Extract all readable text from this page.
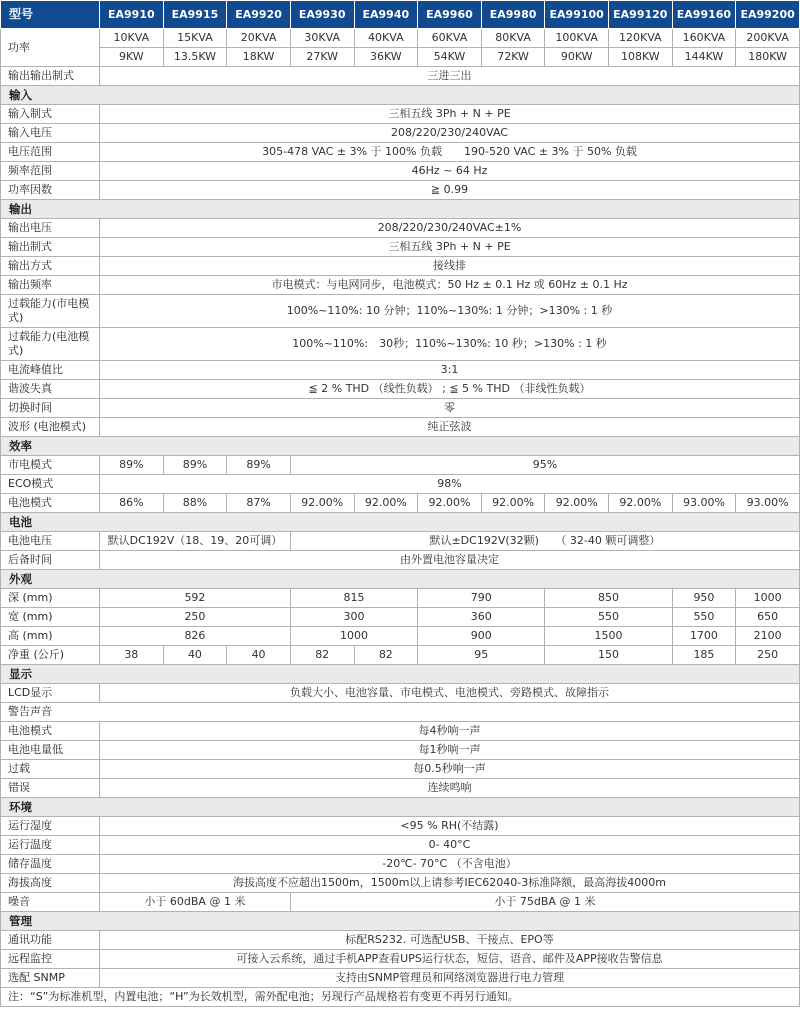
型号	EA9910	EA9915	EA9920	EA9930	EA9940	EA9960	EA9980	EA99100	EA99120	EA99160	EA99200
功率	10KVA	15KVA	20KVA	30KVA	40KVA	60KVA	80KVA	100KVA	120KVA	160KVA	200KVA
	9KW	13.5KW	18KW	27KW	36KW	54KW	72KW	90KW	108KW	144KW	180KW
输出输出制式	三进三出										
输入											
输入制式	三相五线 3Ph + N + PE										
输入电压	208/220/230/240VAC										
电压范围	305-478 VAC ± 3% 于 100% 负载　　190-520 VAC ± 3% 于 50% 负载										
频率范围	46Hz ~ 64 Hz										
功率因数	≧ 0.99										
输出											
输出电压	208/220/230/240VAC±1%										
输出制式	三相五线 3Ph + N + PE										
输出方式	接线排										
输出频率	市电模式：与电网同步，电池模式：50 Hz ± 0.1 Hz 或 60Hz ± 0.1 Hz										
过载能力(市电模式)	100%~110%: 10 分钟；110%~130%: 1 分钟；>130% : 1 秒										
过载能力(电池模式)	100%~110%:　30秒；110%~130%: 10 秒；>130% : 1 秒										
电流峰值比	3:1										
谐波失真	≦ 2 % THD （线性负载） ; ≦ 5 % THD （非线性负载）										
切换时间	零										
波形 (电池模式)	纯正弦波										
效率											
市电模式	89%	89%	89%	95%							
ECO模式	98%										
电池模式	86%	88%	87%	92.00%	92.00%	92.00%	92.00%	92.00%	92.00%	93.00%	93.00%
电池											
电池电压	默认DC192V（18、19、20可调）			默认±DC192V(32颗)　　（ 32-40 颗可调整）							
后备时间	由外置电池容量决定										
外观											
深 (mm)	592			815		790		850		950	1000
宽 (mm)	250			300		360		550		550	650
高 (mm)	826			1000		900		1500		1700	2100
净重 (公斤)	38	40	40	82	82	95		150		185	250
显示											
LCD显示	负载大小、电池容量、市电模式、电池模式、旁路模式、故障指示										
警告声音											
电池模式	每4秒响一声										
电池电量低	每1秒响一声										
过载	每0.5秒响一声										
错误	连续鸣响										
环境											
运行湿度	<95 % RH(不结露)										
运行温度	0- 40°C										
储存温度	-20℃- 70°C （不含电池）										
海拔高度	海拔高度不应超出1500m，1500m以上请参考IEC62040-3标准降额，最高海拔4000m										
噪音	小于 60dBA @ 1 米			小于 75dBA @ 1 米							
管理											
通讯功能	标配RS232. 可选配USB、干接点、EPO等										
远程监控	可接入云系统，通过手机APP查看UPS运行状态，短信、语音、邮件及APP接收告警信息										
选配 SNMP	支持由SNMP管理员和网络浏览器进行电力管理										
注：“S”为标准机型，内置电池；“H”为长效机型，需外配电池；另现行产品规格若有变更不再另行通知。											
